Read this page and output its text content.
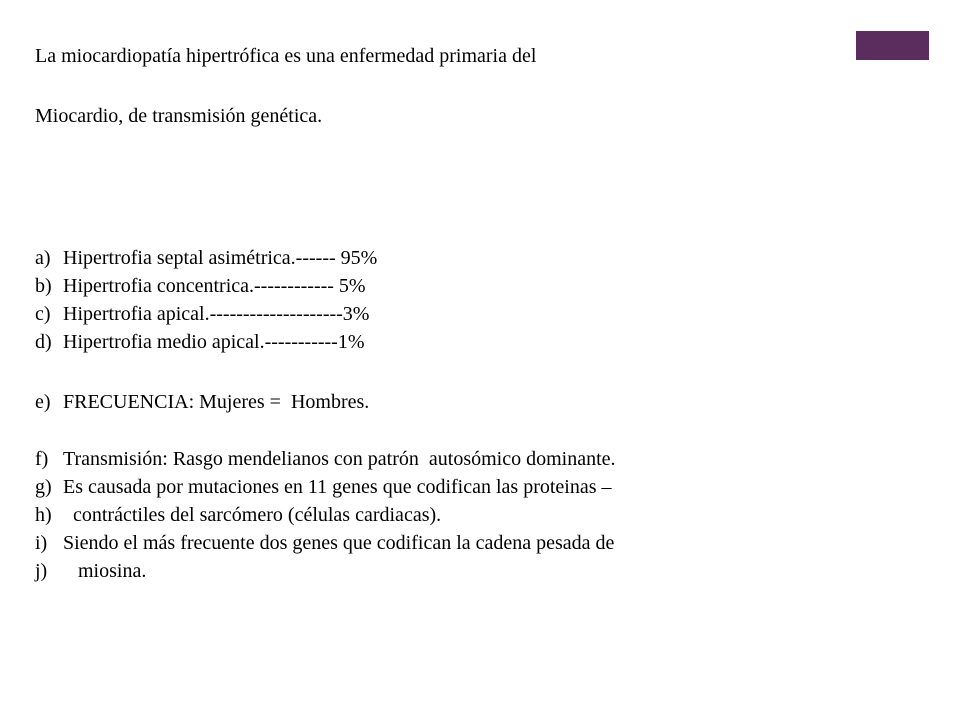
La miocardiopatía hipertrófica es una enfermedad primaria del

Miocardio, de transmisión genética.

a) Hipertrofia septal asimétrica.------ 95%
b) Hipertrofia concentrica.------------ 5%
c) Hipertrofia apical.--------------------3%
d) Hipertrofia medio apical.-----------1%
e) FRECUENCIA: Mujeres =  Hombres.
f) Transmisión: Rasgo mendelianos con patrón  autosómico dominante.
g) Es causada por mutaciones en 11 genes que codifican las proteinas –
h)  contráctiles del sarcómero (células cardiacas).
i) Siendo el más frecuente dos genes que codifican la cadena pesada de
j)   miosina.
